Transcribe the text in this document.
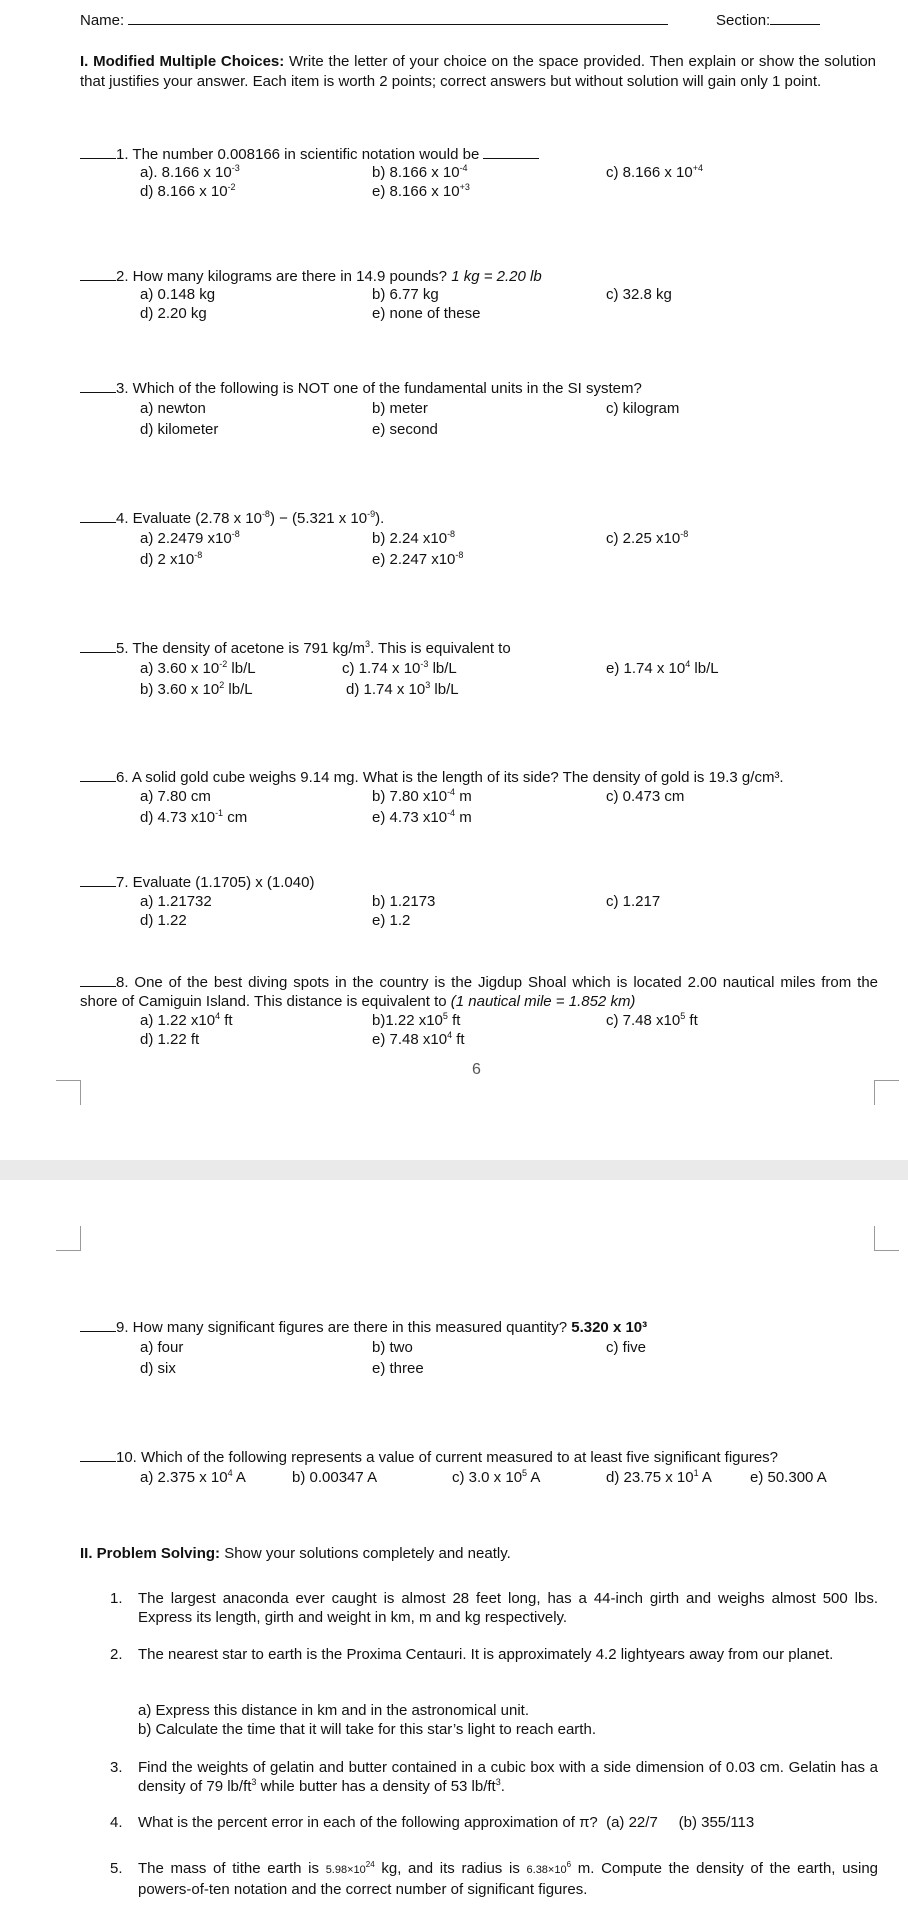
Name:	Section:
I. Modified Multiple Choices: Write the letter of your choice on the space provided. Then explain or show the solution that justifies your answer. Each item is worth 2 points; correct answers but without solution will gain only 1 point.
1. The number 0.008166 in scientific notation would be
a). 8.166 x $10^{-3}$	b) 8.166 x $10^{-4}$	c) 8.166 x $10^{+4}$
d) 8.166 x $10^{-2}$	e) 8.166 x $10^{+3}$
2. How many kilograms are there in 14.9 pounds? 1 kg = 2.20 lb
a) 0.148 kg	b) 6.77 kg	c) 32.8 kg
d) 2.20 kg	e) none of these
3. Which of the following is NOT one of the fundamental units in the SI system?
a) newton	b) meter	c) kilogram
d) kilometer	e) second
4. Evaluate (2.78 x $10^{-8}) - (5.321$ x $10^{-9}$).
a) 2.2479 $x10^{-8}$	b) 2.24 $x10^{-8}$	c) 2.25 $x10^{-8}$
d) 2 $x10^{-8}$	e) 2.247 $x10^{-8}$
5. The density of acetone is 791 $kg/m^3$. This is equivalent to
a) 3.60 x $10^{-2}$ lb/L	c) 1.74 x $10^{-3}$ lb/L	e) 1.74 x $10^4$ lb/L
b) 3.60 x $10^2$ lb/L	d) 1.74 x $10^3$ lb/L
6. A solid gold cube weighs 9.14 mg. What is the length of its side? The density of gold is 19.3 g/cm³.
a) 7.80 cm	b) 7.80 $x10^{-4}$ m	c) 0.473 cm
d) 4.73 $x10^{-1}$ cm	e) 4.73 $x10^{-4}$ m
7. Evaluate (1.1705) x (1.040)
a) 1.21732	b) 1.2173	c) 1.217
d) 1.22	e) 1.2
8. One of the best diving spots in the country is the Jigdup Shoal which is located 2.00 nautical miles from the shore of Camiguin Island. This distance is equivalent to (1 nautical mile = 1.852 km)
a) 1.22 $x10^4$ ft	b)1.22 $x10^5$ ft	c) 7.48 $x10^5$ ft
d) 1.22 ft	e) 7.48 $x10^4$ ft
6
9. How many significant figures are there in this measured quantity? 5.320 x 10³
a) four	b) two	c) five
d) six	e) three
10. Which of the following represents a value of current measured to at least five significant figures?
a) 2.375 x $10^4$ A	b) 0.00347 A	c) 3.0 x $10^5$ A	d) 23.75 x $10^1$ A	e) 50.300 A
II. Problem Solving: Show your solutions completely and neatly.
1. The largest anaconda ever caught is almost 28 feet long, has a 44-inch girth and weighs almost 500 lbs. Express its length, girth and weight in km, m and kg respectively.
2. The nearest star to earth is the Proxima Centauri. It is approximately 4.2 lightyears away from our planet.
a) Express this distance in km and in the astronomical unit.
b) Calculate the time that it will take for this star’s light to reach earth.
3. Find the weights of gelatin and butter contained in a cubic box with a side dimension of 0.03 cm. Gelatin has a density of 79 $lb/ft^3$ while butter has a density of 53 $lb/ft^3$.
4. What is the percent error in each of the following approximation of π?  (a) 22/7     (b) 355/113
5. The mass of tithe earth is $5.98\times 10^{24}$ kg, and its radius is $6.38\times 10^6$ m. Compute the density of the earth, using powers-of-ten notation and the correct number of significant figures.
